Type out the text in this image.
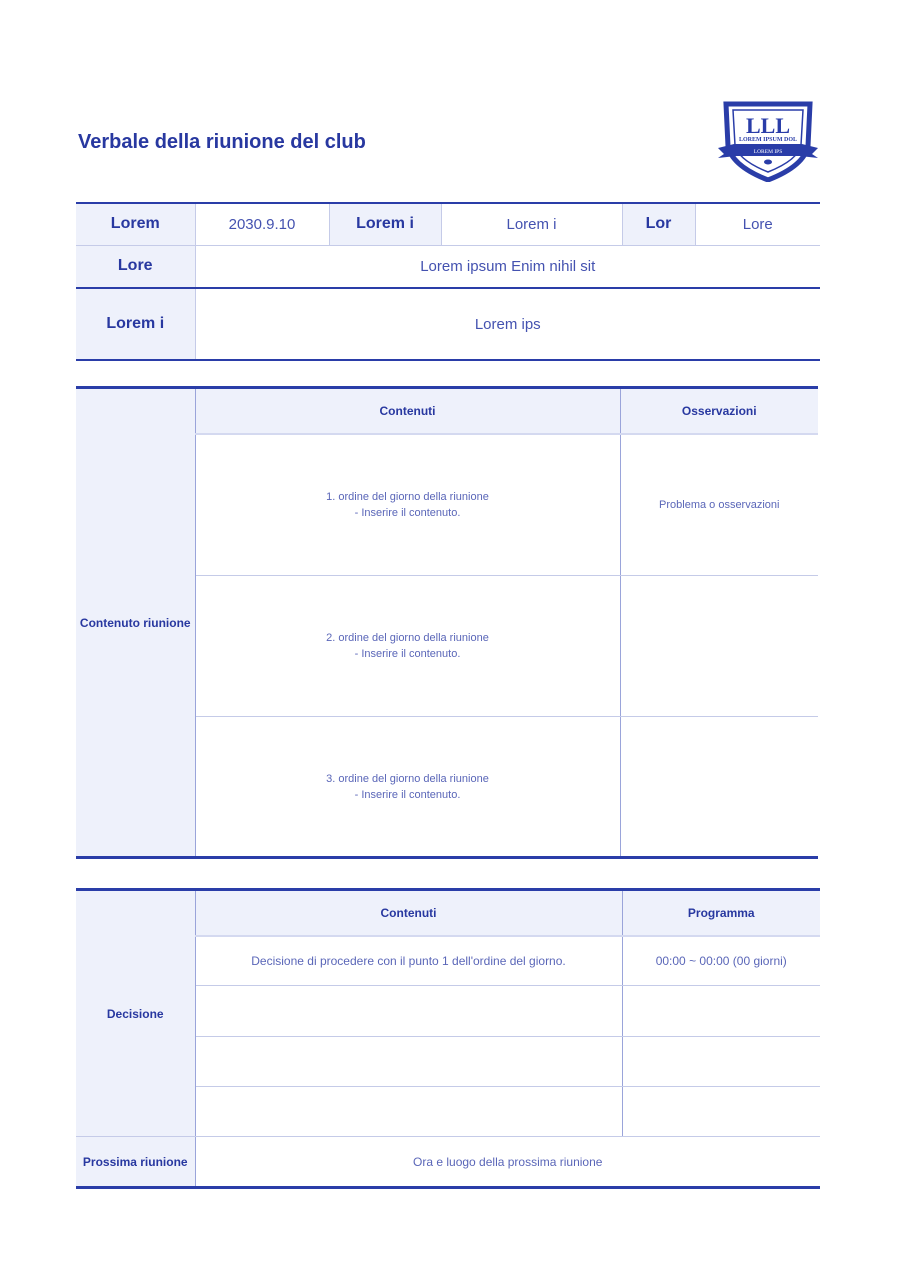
Verbale della riunione del club
LLL
LOREM IPSUM DOL
LOREM IPS
Lorem	2030.9.10	Lorem i	Lorem i	Lor	Lore
Lore	Lorem ipsum Enim nihil sit				
Lorem i	Lorem ips				
Contenuto riunione	Contenuti	Osservazioni

	1. ordine del giorno della riunione
- Inserire il contenuto.	Problema o osservazioni

	2. ordine del giorno della riunione
- Inserire il contenuto.	

	3. ordine del giorno della riunione
- Inserire il contenuto.	

Decisione	Contenuti	Programma
	Decisione di procedere con il punto 1 dell'ordine del giorno.	00:00 ~ 00:00 (00 giorni)

Prossima riunione	Ora e luogo della prossima riunione	
